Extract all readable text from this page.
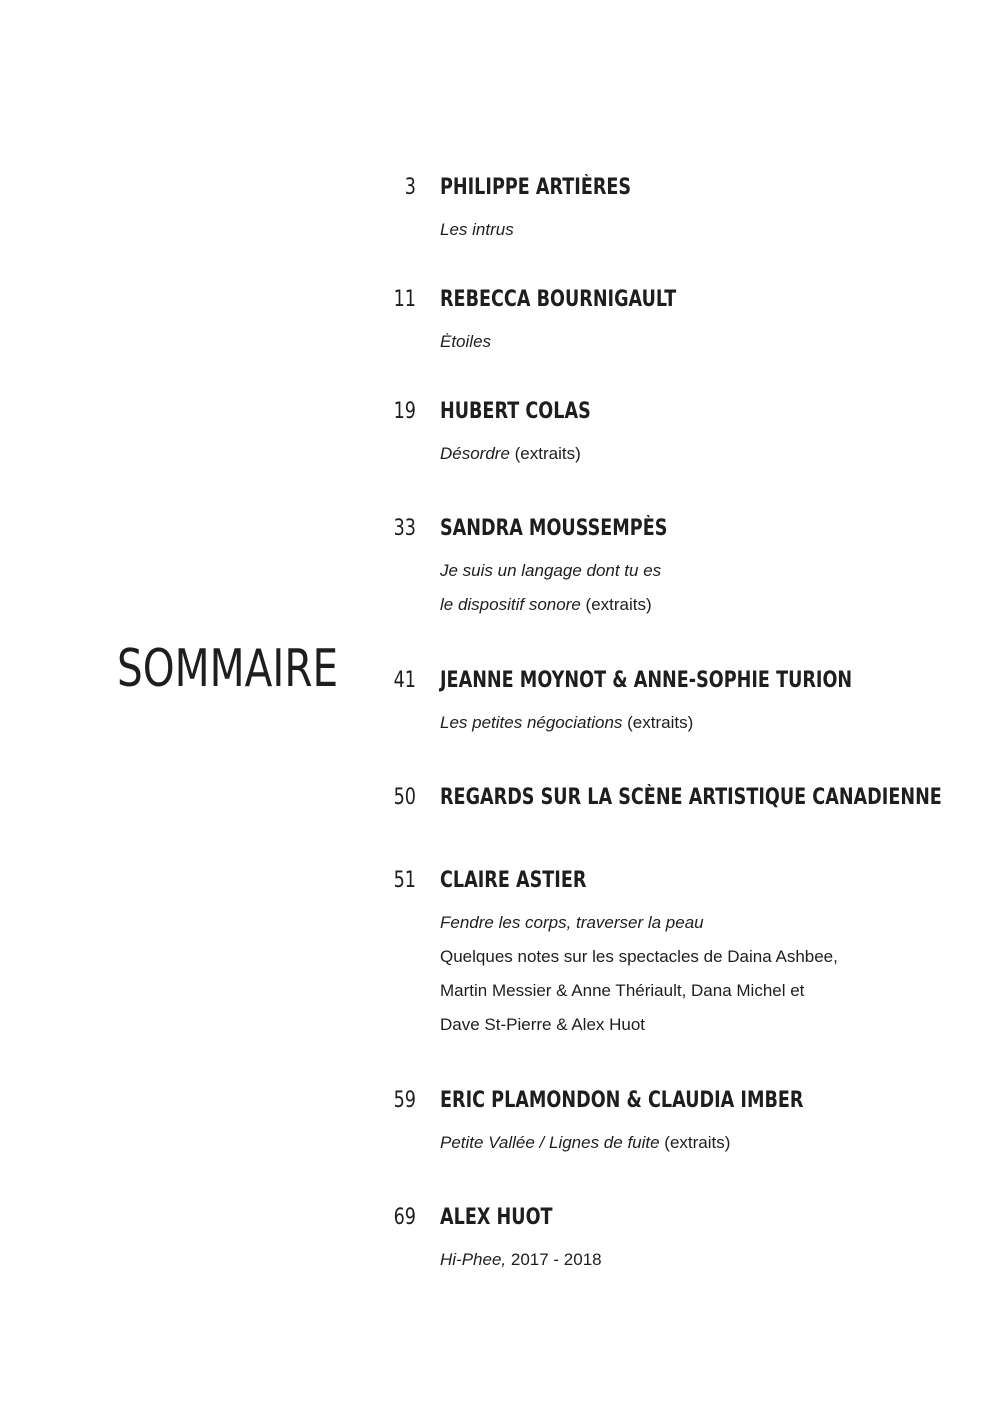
SOMMAIRE
3 PHILIPPE ARTIÈRES
Les intrus
11 REBECCA BOURNIGAULT
Ėtoiles
19 HUBERT COLAS
Désordre (extraits)
33 SANDRA MOUSSEMPÈS
Je suis un langage dont tu es
le dispositif sonore (extraits)
41 JEANNE MOYNOT & ANNE-SOPHIE TURION
Les petites négociations (extraits)
50 REGARDS SUR LA SCÈNE ARTISTIQUE CANADIENNE
51 CLAIRE ASTIER
Fendre les corps, traverser la peau
Quelques notes sur les spectacles de Daina Ashbee,
Martin Messier & Anne Thériault, Dana Michel et
Dave St-Pierre & Alex Huot
59 ERIC PLAMONDON & CLAUDIA IMBER
Petite Vallée / Lignes de fuite (extraits)
69 ALEX HUOT
Hi-Phee, 2017 - 2018
